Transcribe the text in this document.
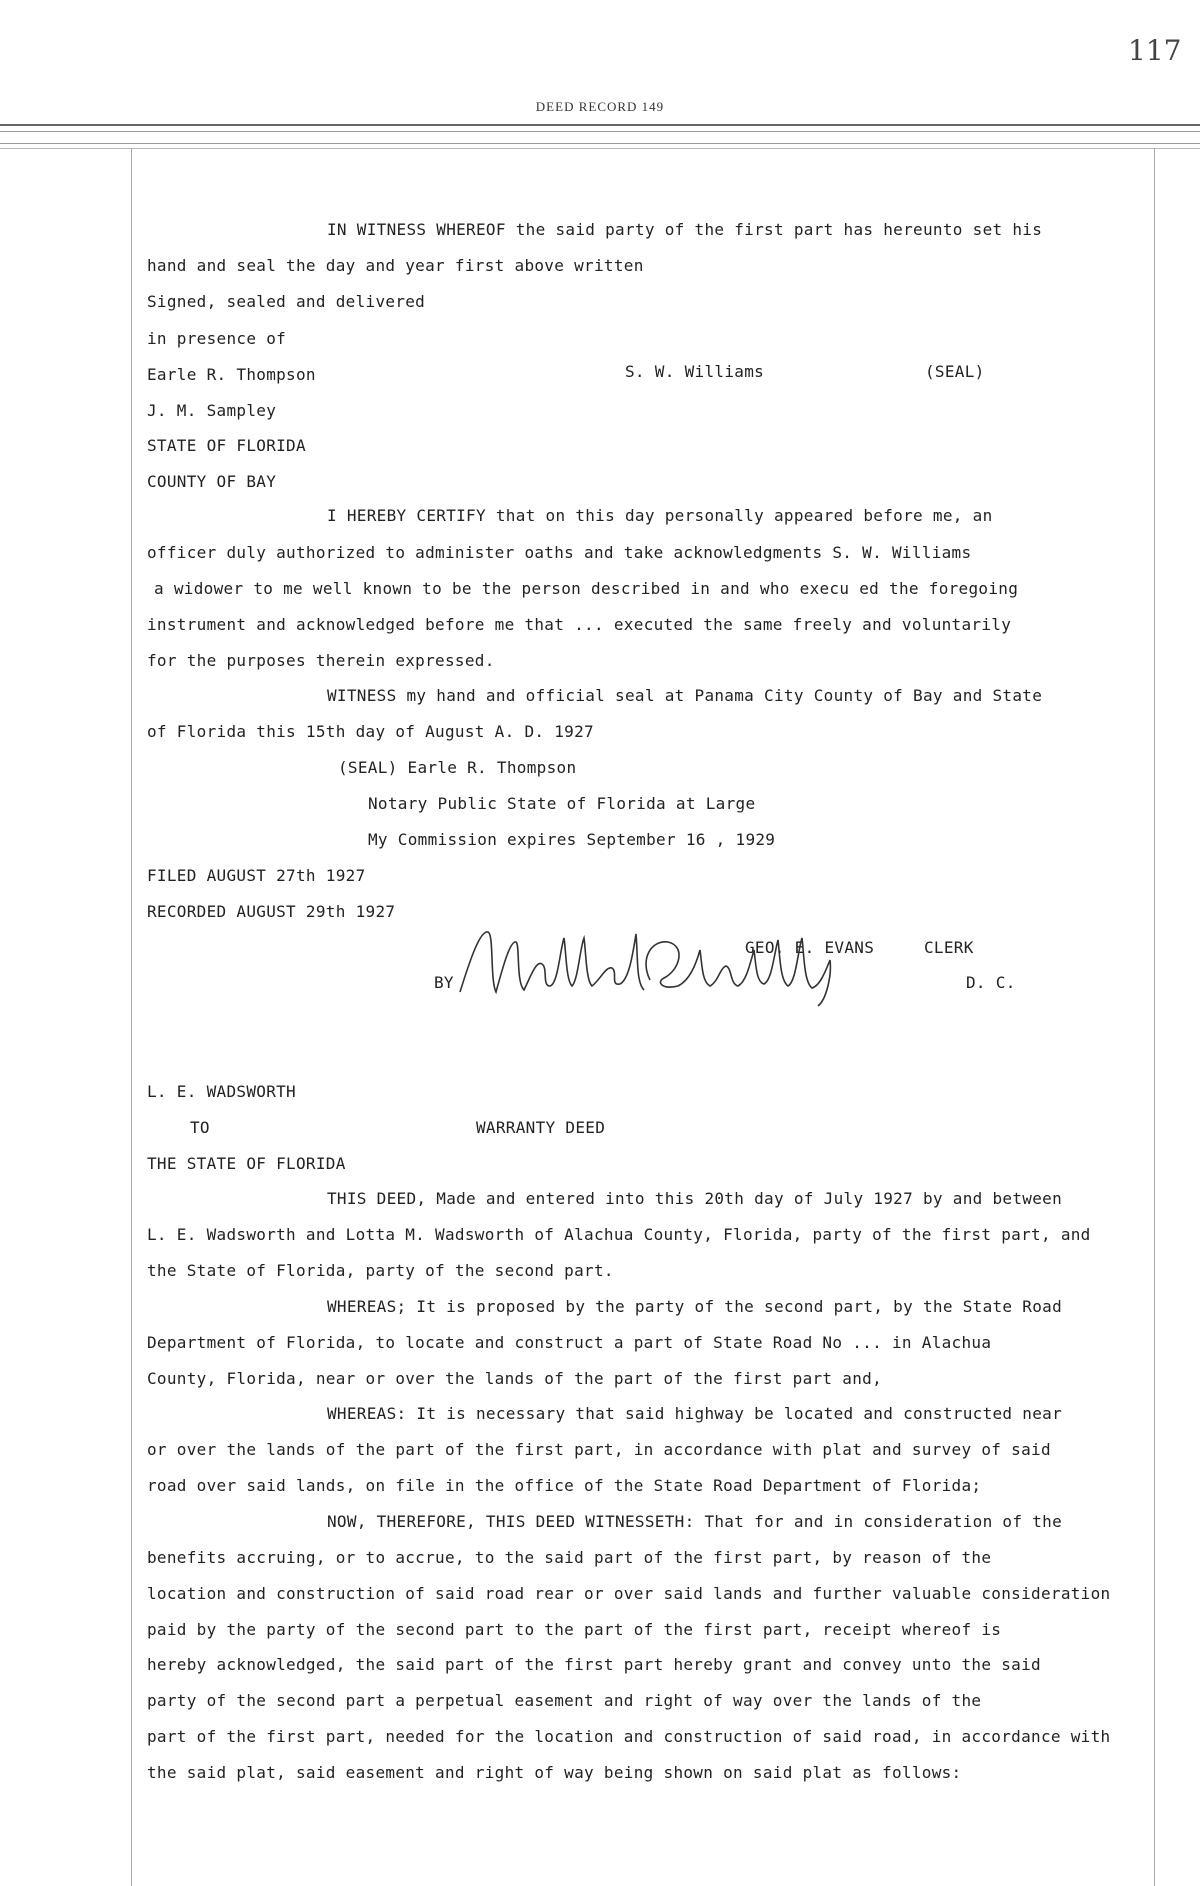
117
DEED RECORD 149
IN WITNESS WHEREOF the said party of the first part has hereunto set his
hand and seal the day and year first above written
Signed, sealed and delivered
in presence of
Earle R. Thompson	S. W. Williams	(SEAL)
J. M. Sampley
STATE OF FLORIDA
COUNTY OF BAY
I HEREBY CERTIFY that on this day personally appeared before me, an
officer duly authorized to administer oaths and take acknowledgments S. W. Williams
a widower to me well known to be the person described in and who execu ed the foregoing
instrument and acknowledged before me that ... executed the same freely and voluntarily
for the purposes therein expressed.
WITNESS my hand and official seal at Panama City County of Bay and State
of Florida this 15th day of August A. D. 1927
(SEAL) Earle R. Thompson
Notary Public State of Florida at Large
My Commission expires September 16 , 1929
FILED AUGUST 27th 1927
RECORDED AUGUST 29th 1927
GEO. E. EVANS	CLERK
BY	D. C.
L. E. WADSWORTH
TO	WARRANTY DEED
THE STATE OF FLORIDA
THIS DEED, Made and entered into this 20th day of July 1927 by and between
L. E. Wadsworth and Lotta M. Wadsworth of Alachua County, Florida, party of the first part, and
the State of Florida, party of the second part.
WHEREAS; It is proposed by the party of the second part, by the State Road
Department of Florida, to locate and construct a part of State Road No ... in Alachua
County, Florida, near or over the lands of the part of the first part and,
WHEREAS: It is necessary that said highway be located and constructed near
or over the lands of the part of the first part, in accordance with plat and survey of said
road over said lands, on file in the office of the State Road Department of Florida;
NOW, THEREFORE, THIS DEED WITNESSETH: That for and in consideration of the
benefits accruing, or to accrue, to the said part of the first part, by reason of the
location and construction of said road rear or over said lands and further valuable consideration
paid by the party of the second part to the part of the first part, receipt whereof is
hereby acknowledged, the said part of the first part hereby grant and convey unto the said
party of the second part a perpetual easement and right of way over the lands of the
part of the first part, needed for the location and construction of said road, in accordance with
the said plat, said easement and right of way being shown on said plat as follows:
